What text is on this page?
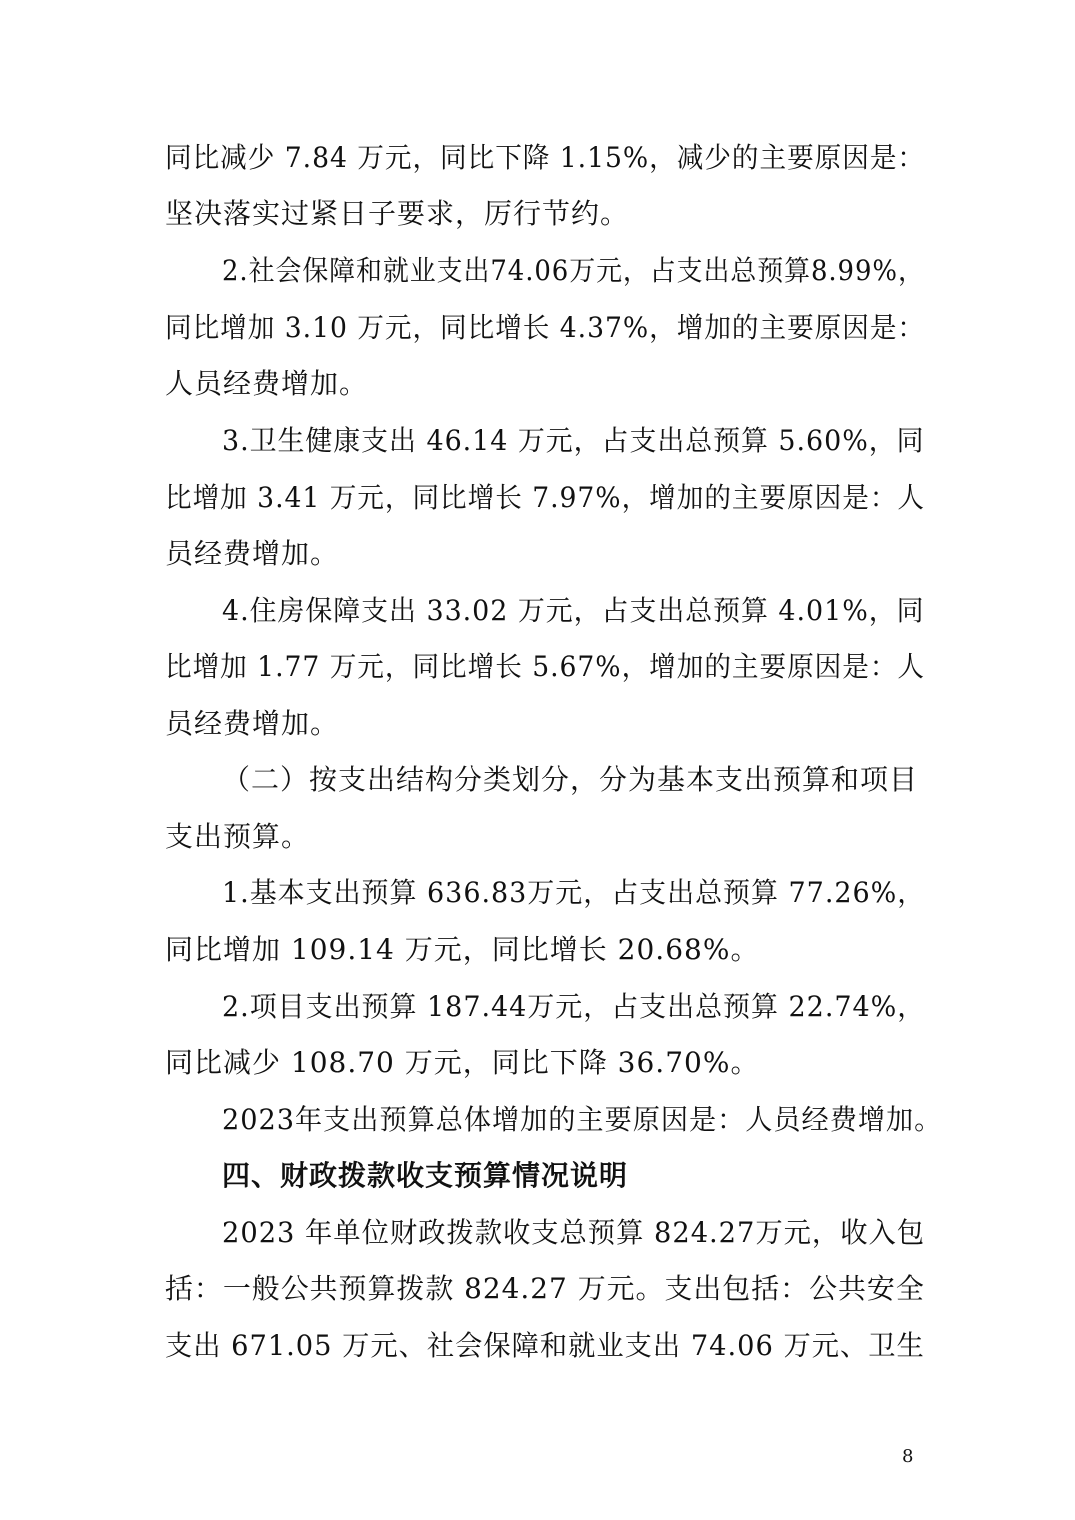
同比减少 7.84 万元，同比下降 1.15%，减少的主要原因是：
坚决落实过紧日子要求，厉行节约。
2.社会保障和就业支出74.06万元，占支出总预算8.99%，
同比增加 3.10 万元，同比增长 4.37%，增加的主要原因是：
人员经费增加。
3.卫生健康支出 46.14 万元，占支出总预算 5.60%，同
比增加 3.41 万元，同比增长 7.97%，增加的主要原因是：人
员经费增加。
4.住房保障支出 33.02 万元，占支出总预算 4.01%，同
比增加 1.77 万元，同比增长 5.67%，增加的主要原因是：人
员经费增加。
（二）按支出结构分类划分，分为基本支出预算和项目
支出预算。
1.基本支出预算 636.83万元，占支出总预算 77.26%，
同比增加 109.14 万元，同比增长 20.68%。
2.项目支出预算 187.44万元，占支出总预算 22.74%，
同比减少 108.70 万元，同比下降 36.70%。
2023年支出预算总体增加的主要原因是：人员经费增加。
四、财政拨款收支预算情况说明
2023 年单位财政拨款收支总预算 824.27万元，收入包
括：一般公共预算拨款 824.27 万元。支出包括：公共安全
支出 671.05 万元、社会保障和就业支出 74.06 万元、卫生
8
